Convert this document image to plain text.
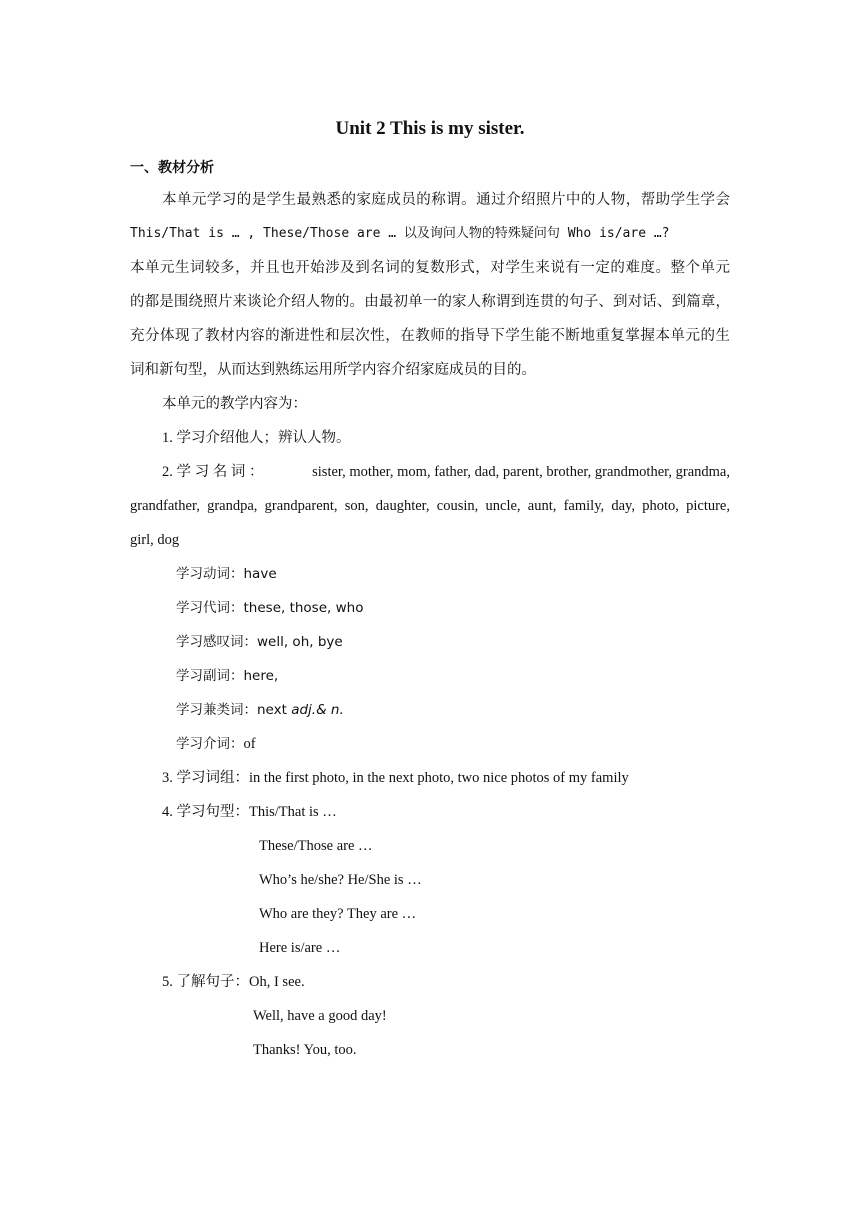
Unit 2 This is my sister.
一、教材分析
本单元学习的是学生最熟悉的家庭成员的称谓。通过介绍照片中的人物，帮助学生学会
This/That is … , These/Those are … 以及询问人物的特殊疑问句 Who is/are …?
本单元生词较多，并且也开始涉及到名词的复数形式，对学生来说有一定的难度。整个单元
的都是围绕照片来谈论介绍人物的。由最初单一的家人称谓到连贯的句子、到对话、到篇章，
充分体现了教材内容的渐进性和层次性，在教师的指导下学生能不断地重复掌握本单元的生
词和新句型，从而达到熟练运用所学内容介绍家庭成员的目的。
本单元的教学内容为：
1. 学习介绍他人；辨认人物。
2. 学 习 名 词 ：	sister, mother, mom, father, dad, parent, brother, grandmother, grandma,
grandfather, grandpa, grandparent, son, daughter, cousin, uncle, aunt, family, day, photo, picture,
girl, dog
学习动词：have
学习代词：these, those, who
学习感叹词：well, oh, bye
学习副词：here,
学习兼类词：next adj.& n.
学习介词：of
3. 学习词组：in the first photo, in the next photo, two nice photos of my family
4. 学习句型：This/That is …
These/Those are …
Who’s he/she? He/She is …
Who are they? They are …
Here is/are …
5. 了解句子：Oh, I see.
Well, have a good day!
Thanks! You, too.
